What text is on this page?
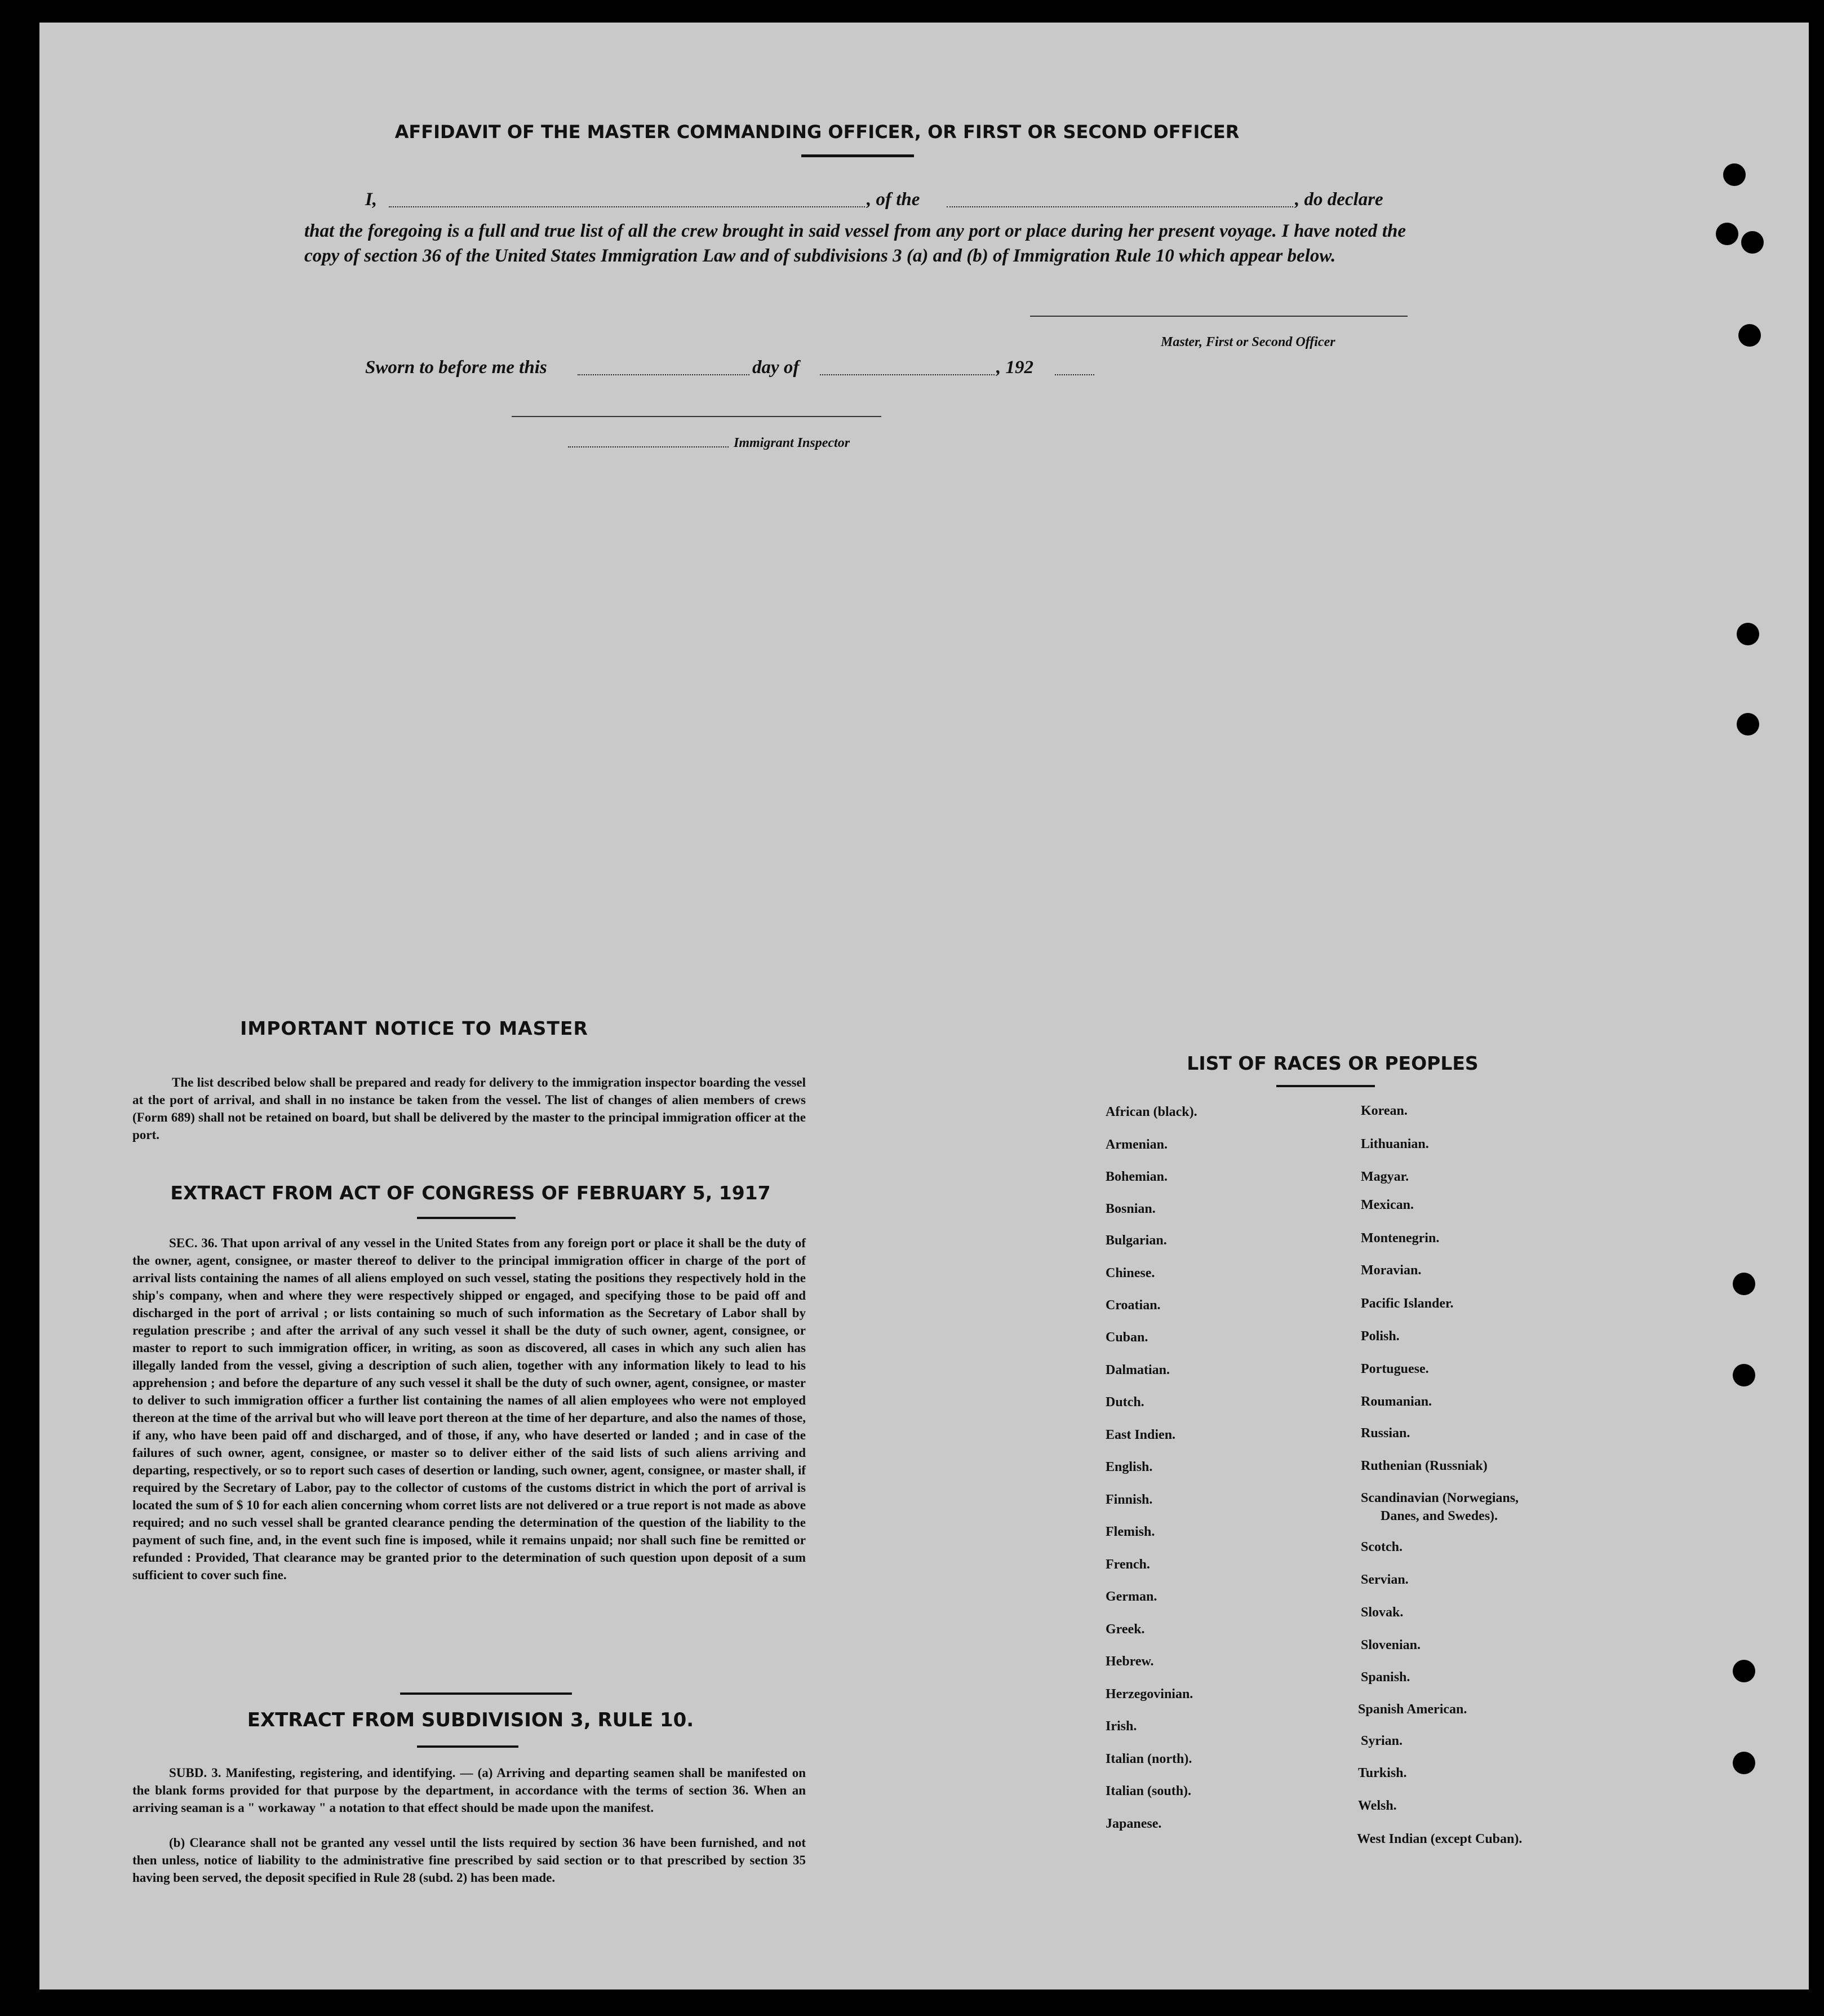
AFFIDAVIT OF THE MASTER COMMANDING OFFICER, OR FIRST OR SECOND OFFICER
I,	, of the	, do declare
that the foregoing is a full and true list of all the crew brought in said vessel from any port or place during her present voyage. I have noted the copy of section 36 of the United States Immigration Law and of subdivisions 3 (a) and (b) of Immigration Rule 10 which appear below.
Master, First or Second Officer
Sworn to before me this	day of	, 192
Immigrant Inspector
IMPORTANT NOTICE TO MASTER
The list described below shall be prepared and ready for delivery to the immigration inspector boarding the vessel at the port of arrival, and shall in no instance be taken from the vessel. The list of changes of alien members of crews (Form 689) shall not be retained on board, but shall be delivered by the master to the principal immigration officer at the port.
EXTRACT FROM ACT OF CONGRESS OF FEBRUARY 5, 1917
SEC. 36. That upon arrival of any vessel in the United States from any foreign port or place it shall be the duty of the owner, agent, consignee, or master thereof to deliver to the principal immigration officer in charge of the port of arrival lists containing the names of all aliens employed on such vessel, stating the positions they respectively hold in the ship's company, when and where they were respectively shipped or engaged, and specifying those to be paid off and discharged in the port of arrival ; or lists containing so much of such information as the Secretary of Labor shall by regulation prescribe ; and after the arrival of any such vessel it shall be the duty of such owner, agent, consignee, or master to report to such immigration officer, in writing, as soon as discovered, all cases in which any such alien has illegally landed from the vessel, giving a description of such alien, together with any information likely to lead to his apprehension ; and before the departure of any such vessel it shall be the duty of such owner, agent, consignee, or master to deliver to such immigration officer a further list containing the names of all alien employees who were not employed thereon at the time of the arrival but who will leave port thereon at the time of her departure, and also the names of those, if any, who have been paid off and discharged, and of those, if any, who have deserted or landed ; and in case of the failures of such owner, agent, consignee, or master so to deliver either of the said lists of such aliens arriving and departing, respectively, or so to report such cases of desertion or landing, such owner, agent, consignee, or master shall, if required by the Secretary of Labor, pay to the collector of customs of the customs district in which the port of arrival is located the sum of $ 10 for each alien concerning whom corret lists are not delivered or a true report is not made as above required; and no such vessel shall be granted clearance pending the determination of the question of the liability to the payment of such fine, and, in the event such fine is imposed, while it remains unpaid; nor shall such fine be remitted or refunded : Provided, That clearance may be granted prior to the determination of such question upon deposit of a sum sufficient to cover such fine.
EXTRACT FROM SUBDIVISION 3, RULE 10.
SUBD. 3. Manifesting, registering, and identifying. — (a) Arriving and departing seamen shall be manifested on the blank forms provided for that purpose by the department, in accordance with the terms of section 36. When an arriving seaman is a " workaway " a notation to that effect should be made upon the manifest.
(b) Clearance shall not be granted any vessel until the lists required by section 36 have been furnished, and not then unless, notice of liability to the administrative fine prescribed by said section or to that prescribed by section 35 having been served, the deposit specified in Rule 28 (subd. 2) has been made.
LIST OF RACES OR PEOPLES
African (black).
Armenian.
Bohemian.
Bosnian.
Bulgarian.
Chinese.
Croatian.
Cuban.
Dalmatian.
Dutch.
East Indien.
English.
Finnish.
Flemish.
French.
German.
Greek.
Hebrew.
Herzegovinian.
Irish.
Italian (north).
Italian (south).
Japanese.
Korean.
Lithuanian.
Magyar.
Mexican.
Montenegrin.
Moravian.
Pacific Islander.
Polish.
Portuguese.
Roumanian.
Russian.
Ruthenian (Russniak)
Scandinavian (Norwegians,
Danes, and Swedes).
Scotch.
Servian.
Slovak.
Slovenian.
Spanish.
Spanish American.
Syrian.
Turkish.
Welsh.
West Indian (except Cuban).
